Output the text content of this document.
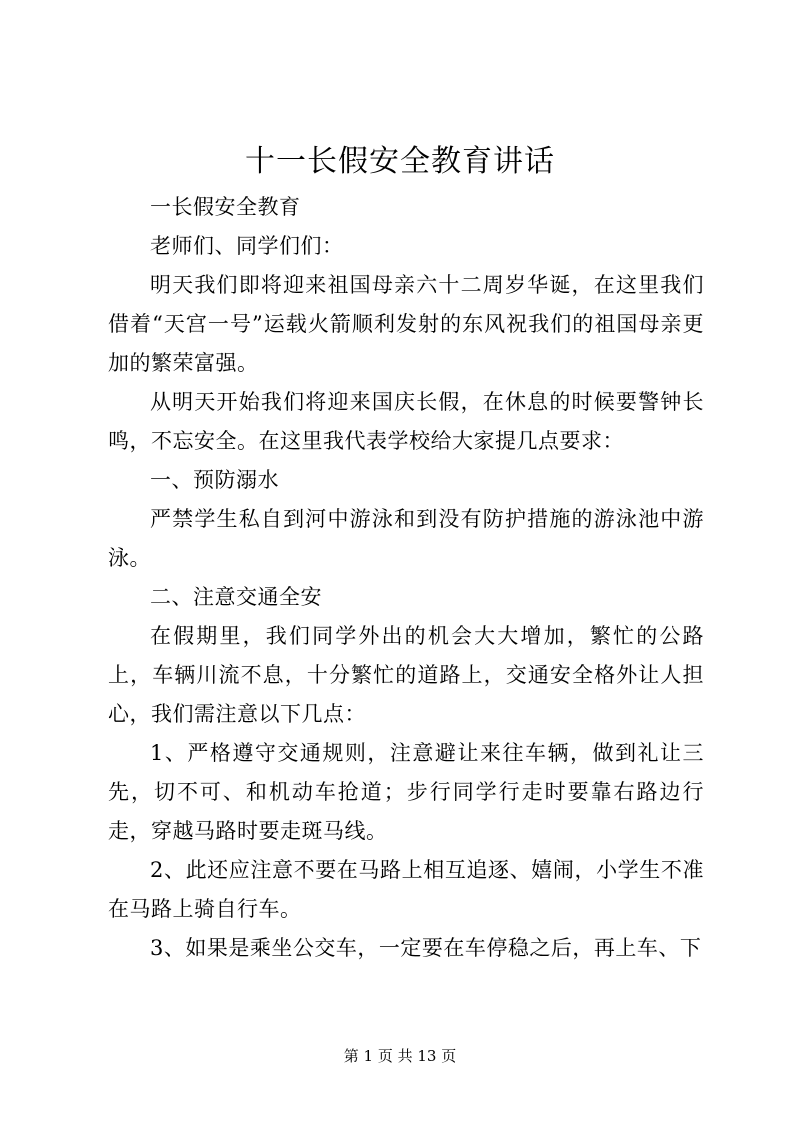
十一长假安全教育讲话

一长假安全教育

老师们、同学们们：

明天我们即将迎来祖国母亲六十二周岁华诞，在这里我们借着“天宫一号”运载火箭顺利发射的东风祝我们的祖国母亲更加的繁荣富强。

从明天开始我们将迎来国庆长假，在休息的时候要警钟长鸣，不忘安全。在这里我代表学校给大家提几点要求：

一、预防溺水

严禁学生私自到河中游泳和到没有防护措施的游泳池中游泳。

二、注意交通全安

在假期里，我们同学外出的机会大大增加，繁忙的公路上，车辆川流不息，十分繁忙的道路上，交通安全格外让人担心，我们需注意以下几点：

1、严格遵守交通规则，注意避让来往车辆，做到礼让三先，切不可、和机动车抢道；步行同学行走时要靠右路边行走，穿越马路时要走斑马线。

2、此还应注意不要在马路上相互追逐、嬉闹，小学生不准在马路上骑自行车。

3、如果是乘坐公交车，一定要在车停稳之后，再上车、下

第 1 页 共 13 页
